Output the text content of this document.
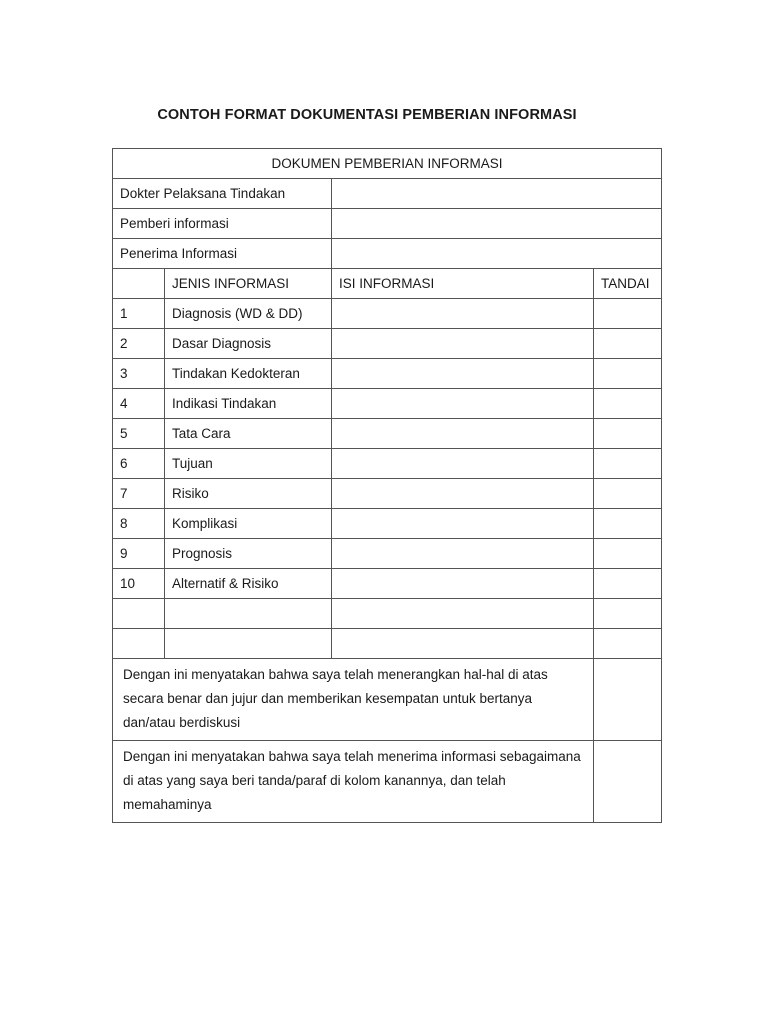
CONTOH FORMAT DOKUMENTASI PEMBERIAN INFORMASI
DOKUMEN PEMBERIAN INFORMASI			
Dokter Pelaksana Tindakan			
Pemberi informasi			
Penerima Informasi			
	JENIS INFORMASI	ISI INFORMASI	TANDAI
1	Diagnosis (WD & DD)		
2	Dasar Diagnosis		
3	Tindakan Kedokteran		
4	Indikasi Tindakan		
5	Tata Cara		
6	Tujuan		
7	Risiko		
8	Komplikasi		
9	Prognosis		
10	Alternatif & Risiko		

Dengan ini menyatakan bahwa saya telah menerangkan hal-hal di atas secara benar dan jujur dan memberikan kesempatan untuk bertanya dan/atau berdiskusi			
Dengan ini menyatakan bahwa saya telah menerima informasi sebagaimana di atas yang saya beri tanda/paraf di kolom kanannya, dan telah memahaminya			
